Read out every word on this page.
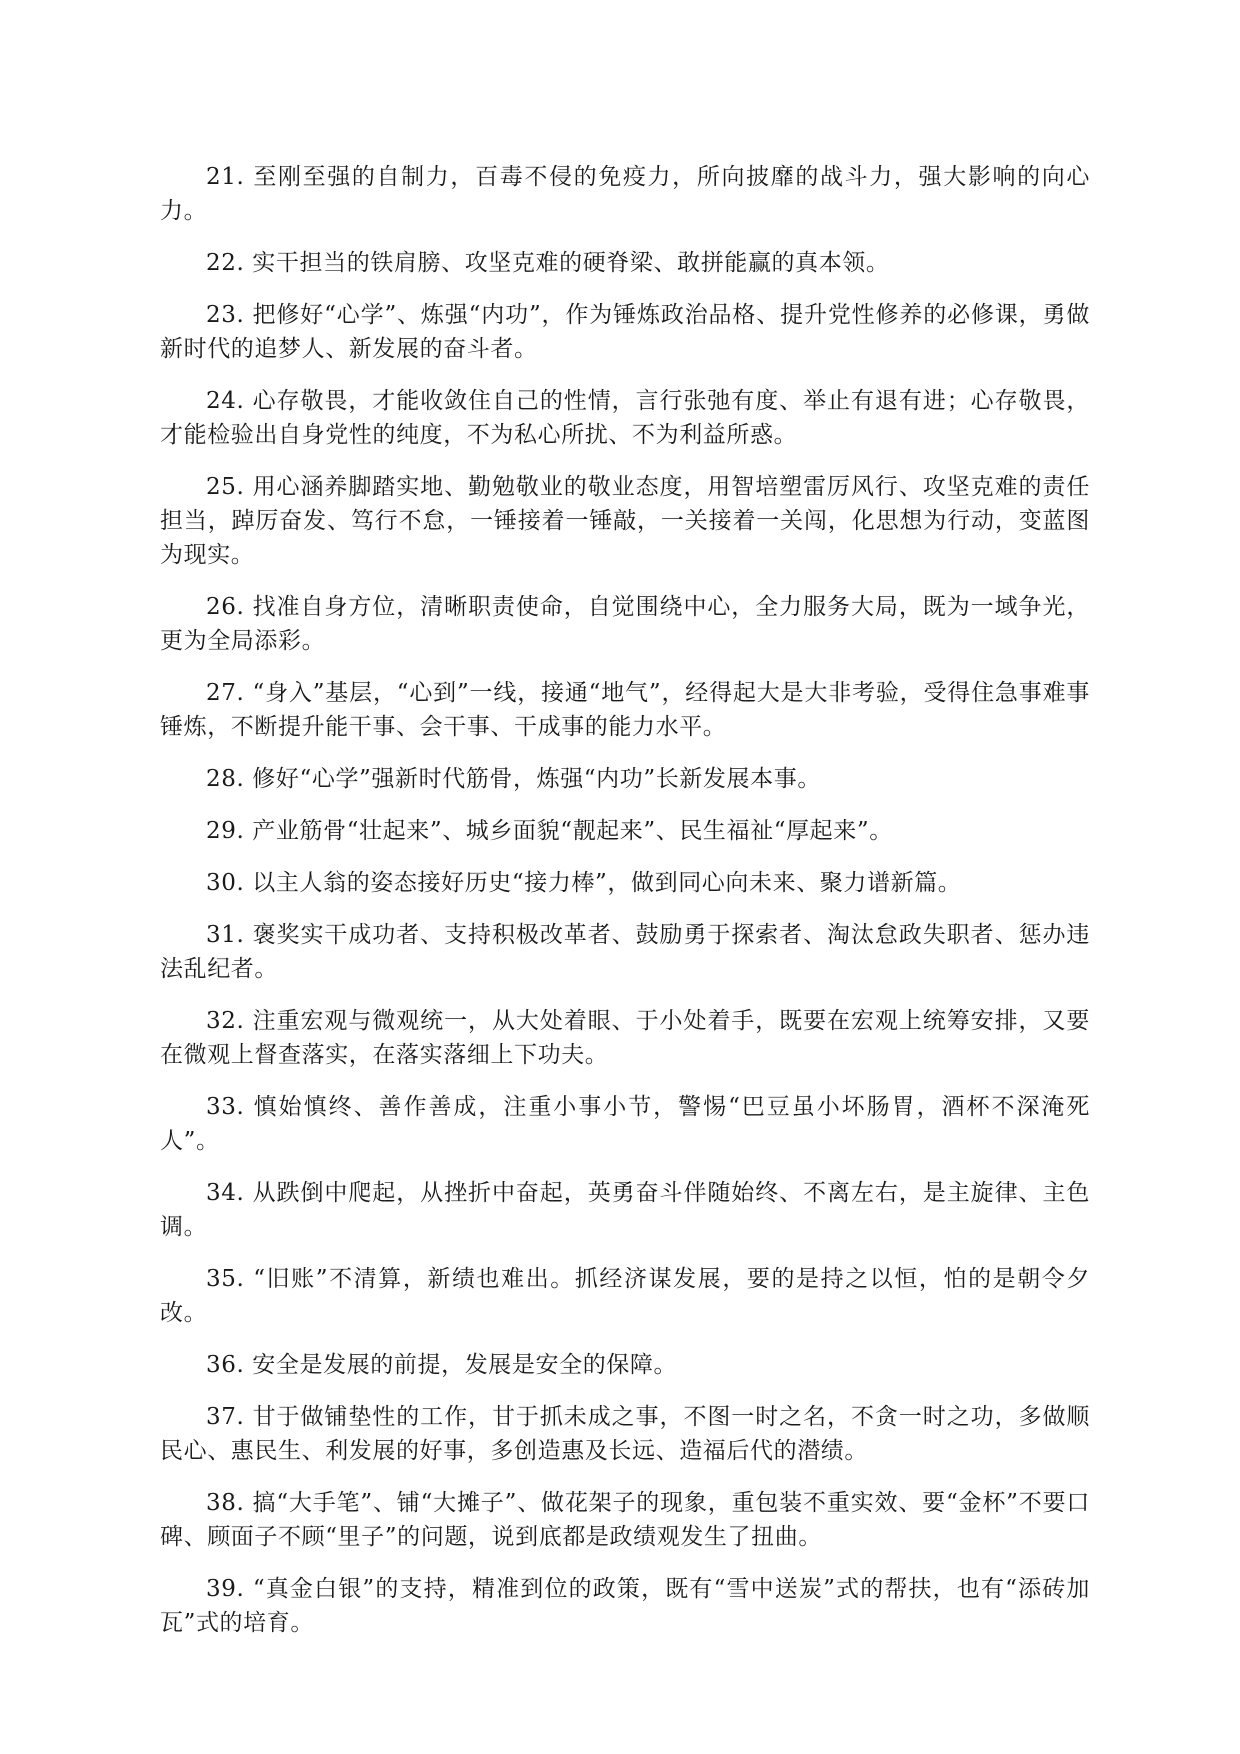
21. 至刚至强的自制力，百毒不侵的免疫力，所向披靡的战斗力，强大影响的向心力。

22. 实干担当的铁肩膀、攻坚克难的硬脊梁、敢拼能赢的真本领。

23. 把修好“心学”、炼强“内功”，作为锤炼政治品格、提升党性修养的必修课，勇做新时代的追梦人、新发展的奋斗者。

24. 心存敬畏，才能收敛住自己的性情，言行张弛有度、举止有退有进；心存敬畏，才能检验出自身党性的纯度，不为私心所扰、不为利益所惑。

25. 用心涵养脚踏实地、勤勉敬业的敬业态度，用智培塑雷厉风行、攻坚克难的责任担当，踔厉奋发、笃行不怠，一锤接着一锤敲，一关接着一关闯，化思想为行动，变蓝图为现实。

26. 找准自身方位，清晰职责使命，自觉围绕中心，全力服务大局，既为一域争光，更为全局添彩。

27. “身入”基层，“心到”一线，接通“地气”，经得起大是大非考验，受得住急事难事锤炼，不断提升能干事、会干事、干成事的能力水平。

28. 修好“心学”强新时代筋骨，炼强“内功”长新发展本事。

29. 产业筋骨“壮起来”、城乡面貌“靓起来”、民生福祉“厚起来”。

30. 以主人翁的姿态接好历史“接力棒”，做到同心向未来、聚力谱新篇。

31. 褒奖实干成功者、支持积极改革者、鼓励勇于探索者、淘汰怠政失职者、惩办违法乱纪者。

32. 注重宏观与微观统一，从大处着眼、于小处着手，既要在宏观上统筹安排，又要在微观上督查落实，在落实落细上下功夫。

33. 慎始慎终、善作善成，注重小事小节，警惕“巴豆虽小坏肠胃，酒杯不深淹死人”。

34. 从跌倒中爬起，从挫折中奋起，英勇奋斗伴随始终、不离左右，是主旋律、主色调。

35. “旧账”不清算，新绩也难出。抓经济谋发展，要的是持之以恒，怕的是朝令夕改。

36. 安全是发展的前提，发展是安全的保障。

37. 甘于做铺垫性的工作，甘于抓未成之事，不图一时之名，不贪一时之功，多做顺民心、惠民生、利发展的好事，多创造惠及长远、造福后代的潜绩。

38. 搞“大手笔”、铺“大摊子”、做花架子的现象，重包装不重实效、要“金杯”不要口碑、顾面子不顾“里子”的问题，说到底都是政绩观发生了扭曲。

39. “真金白银”的支持，精准到位的政策，既有“雪中送炭”式的帮扶，也有“添砖加瓦”式的培育。
